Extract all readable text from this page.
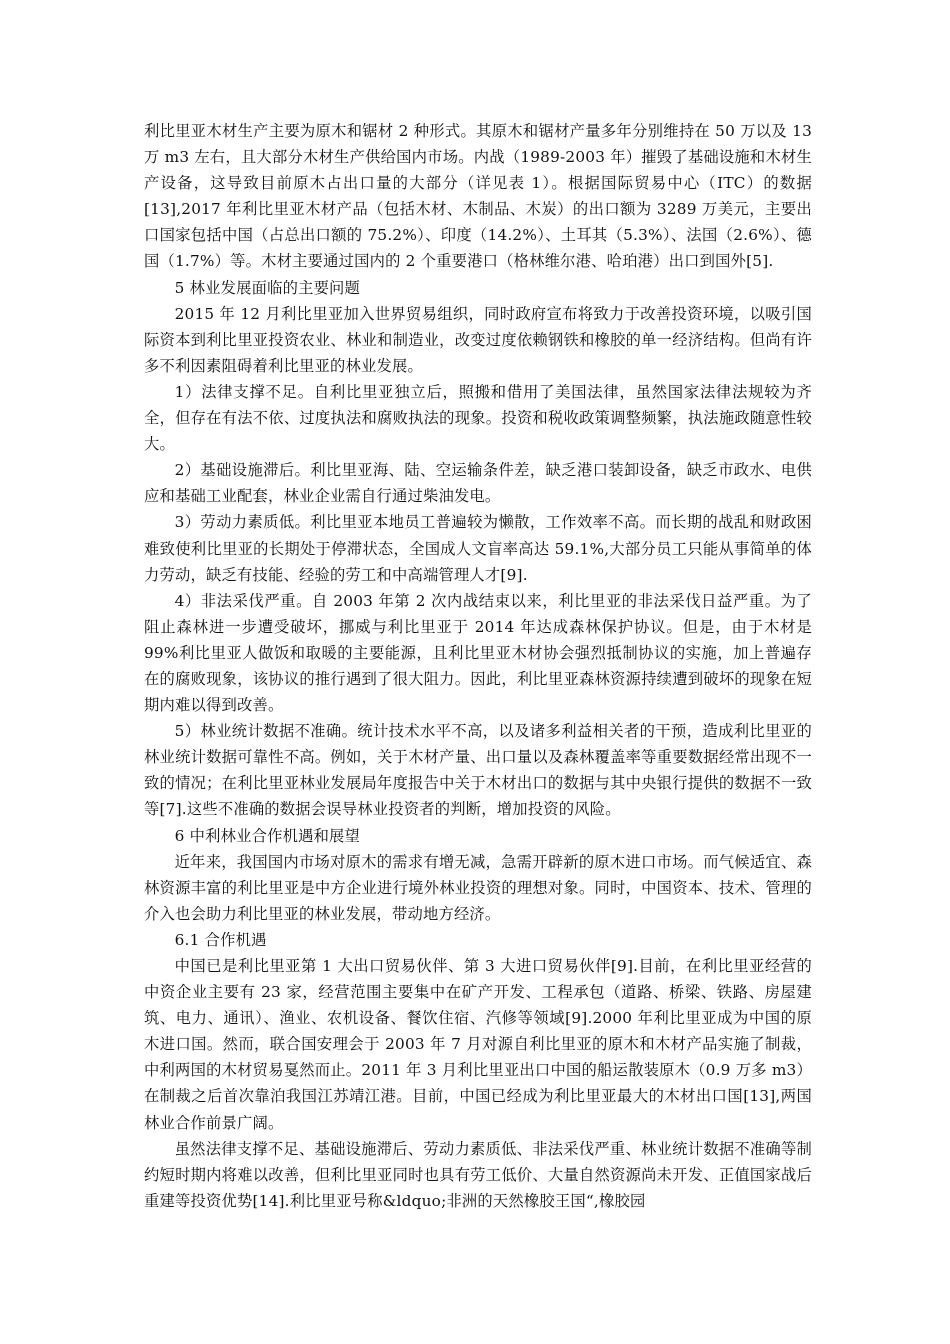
利比里亚木材生产主要为原木和锯材 2 种形式。其原木和锯材产量多年分别维持在 50 万以及 13 万 m3 左右，且大部分木材生产供给国内市场。内战（1989-2003 年）摧毁了基础设施和木材生产设备，这导致目前原木占出口量的大部分（详见表 1）。根据国际贸易中心（ITC）的数据[13],2017 年利比里亚木材产品（包括木材、木制品、木炭）的出口额为 3289 万美元，主要出口国家包括中国（占总出口额的 75.2%）、印度（14.2%）、土耳其（5.3%）、法国（2.6%）、德国（1.7%）等。木材主要通过国内的 2 个重要港口（格林维尔港、哈珀港）出口到国外[5].

5 林业发展面临的主要问题

2015 年 12 月利比里亚加入世界贸易组织，同时政府宣布将致力于改善投资环境，以吸引国际资本到利比里亚投资农业、林业和制造业，改变过度依赖钢铁和橡胶的单一经济结构。但尚有许多不利因素阻碍着利比里亚的林业发展。

1）法律支撑不足。自利比里亚独立后，照搬和借用了美国法律，虽然国家法律法规较为齐全，但存在有法不依、过度执法和腐败执法的现象。投资和税收政策调整频繁，执法施政随意性较大。

2）基础设施滞后。利比里亚海、陆、空运输条件差，缺乏港口装卸设备，缺乏市政水、电供应和基础工业配套，林业企业需自行通过柴油发电。

3）劳动力素质低。利比里亚本地员工普遍较为懒散，工作效率不高。而长期的战乱和财政困难致使利比里亚的长期处于停滞状态，全国成人文盲率高达 59.1%,大部分员工只能从事简单的体力劳动，缺乏有技能、经验的劳工和中高端管理人才[9].

4）非法采伐严重。自 2003 年第 2 次内战结束以来，利比里亚的非法采伐日益严重。为了阻止森林进一步遭受破坏，挪威与利比里亚于 2014 年达成森林保护协议。但是，由于木材是 99%利比里亚人做饭和取暖的主要能源，且利比里亚木材协会强烈抵制协议的实施，加上普遍存在的腐败现象，该协议的推行遇到了很大阻力。因此，利比里亚森林资源持续遭到破坏的现象在短期内难以得到改善。

5）林业统计数据不准确。统计技术水平不高，以及诸多利益相关者的干预，造成利比里亚的林业统计数据可靠性不高。例如，关于木材产量、出口量以及森林覆盖率等重要数据经常出现不一致的情况；在利比里亚林业发展局年度报告中关于木材出口的数据与其中央银行提供的数据不一致等[7].这些不准确的数据会误导林业投资者的判断，增加投资的风险。

6 中利林业合作机遇和展望

近年来，我国国内市场对原木的需求有增无减，急需开辟新的原木进口市场。而气候适宜、森林资源丰富的利比里亚是中方企业进行境外林业投资的理想对象。同时，中国资本、技术、管理的介入也会助力利比里亚的林业发展，带动地方经济。

6.1 合作机遇

中国已是利比里亚第 1 大出口贸易伙伴、第 3 大进口贸易伙伴[9].目前，在利比里亚经营的中资企业主要有 23 家，经营范围主要集中在矿产开发、工程承包（道路、桥梁、铁路、房屋建筑、电力、通讯）、渔业、农机设备、餐饮住宿、汽修等领域[9].2000 年利比里亚成为中国的原木进口国。然而，联合国安理会于 2003 年 7 月对源自利比里亚的原木和木材产品实施了制裁，中利两国的木材贸易戛然而止。2011 年 3 月利比里亚出口中国的船运散装原木（0.9 万多 m3）在制裁之后首次靠泊我国江苏靖江港。目前，中国已经成为利比里亚最大的木材出口国[13],两国林业合作前景广阔。

虽然法律支撑不足、基础设施滞后、劳动力素质低、非法采伐严重、林业统计数据不准确等制约短时期内将难以改善，但利比里亚同时也具有劳工低价、大量自然资源尚未开发、正值国家战后重建等投资优势[14].利比里亚号称&ldquo;非洲的天然橡胶王国“,橡胶园
